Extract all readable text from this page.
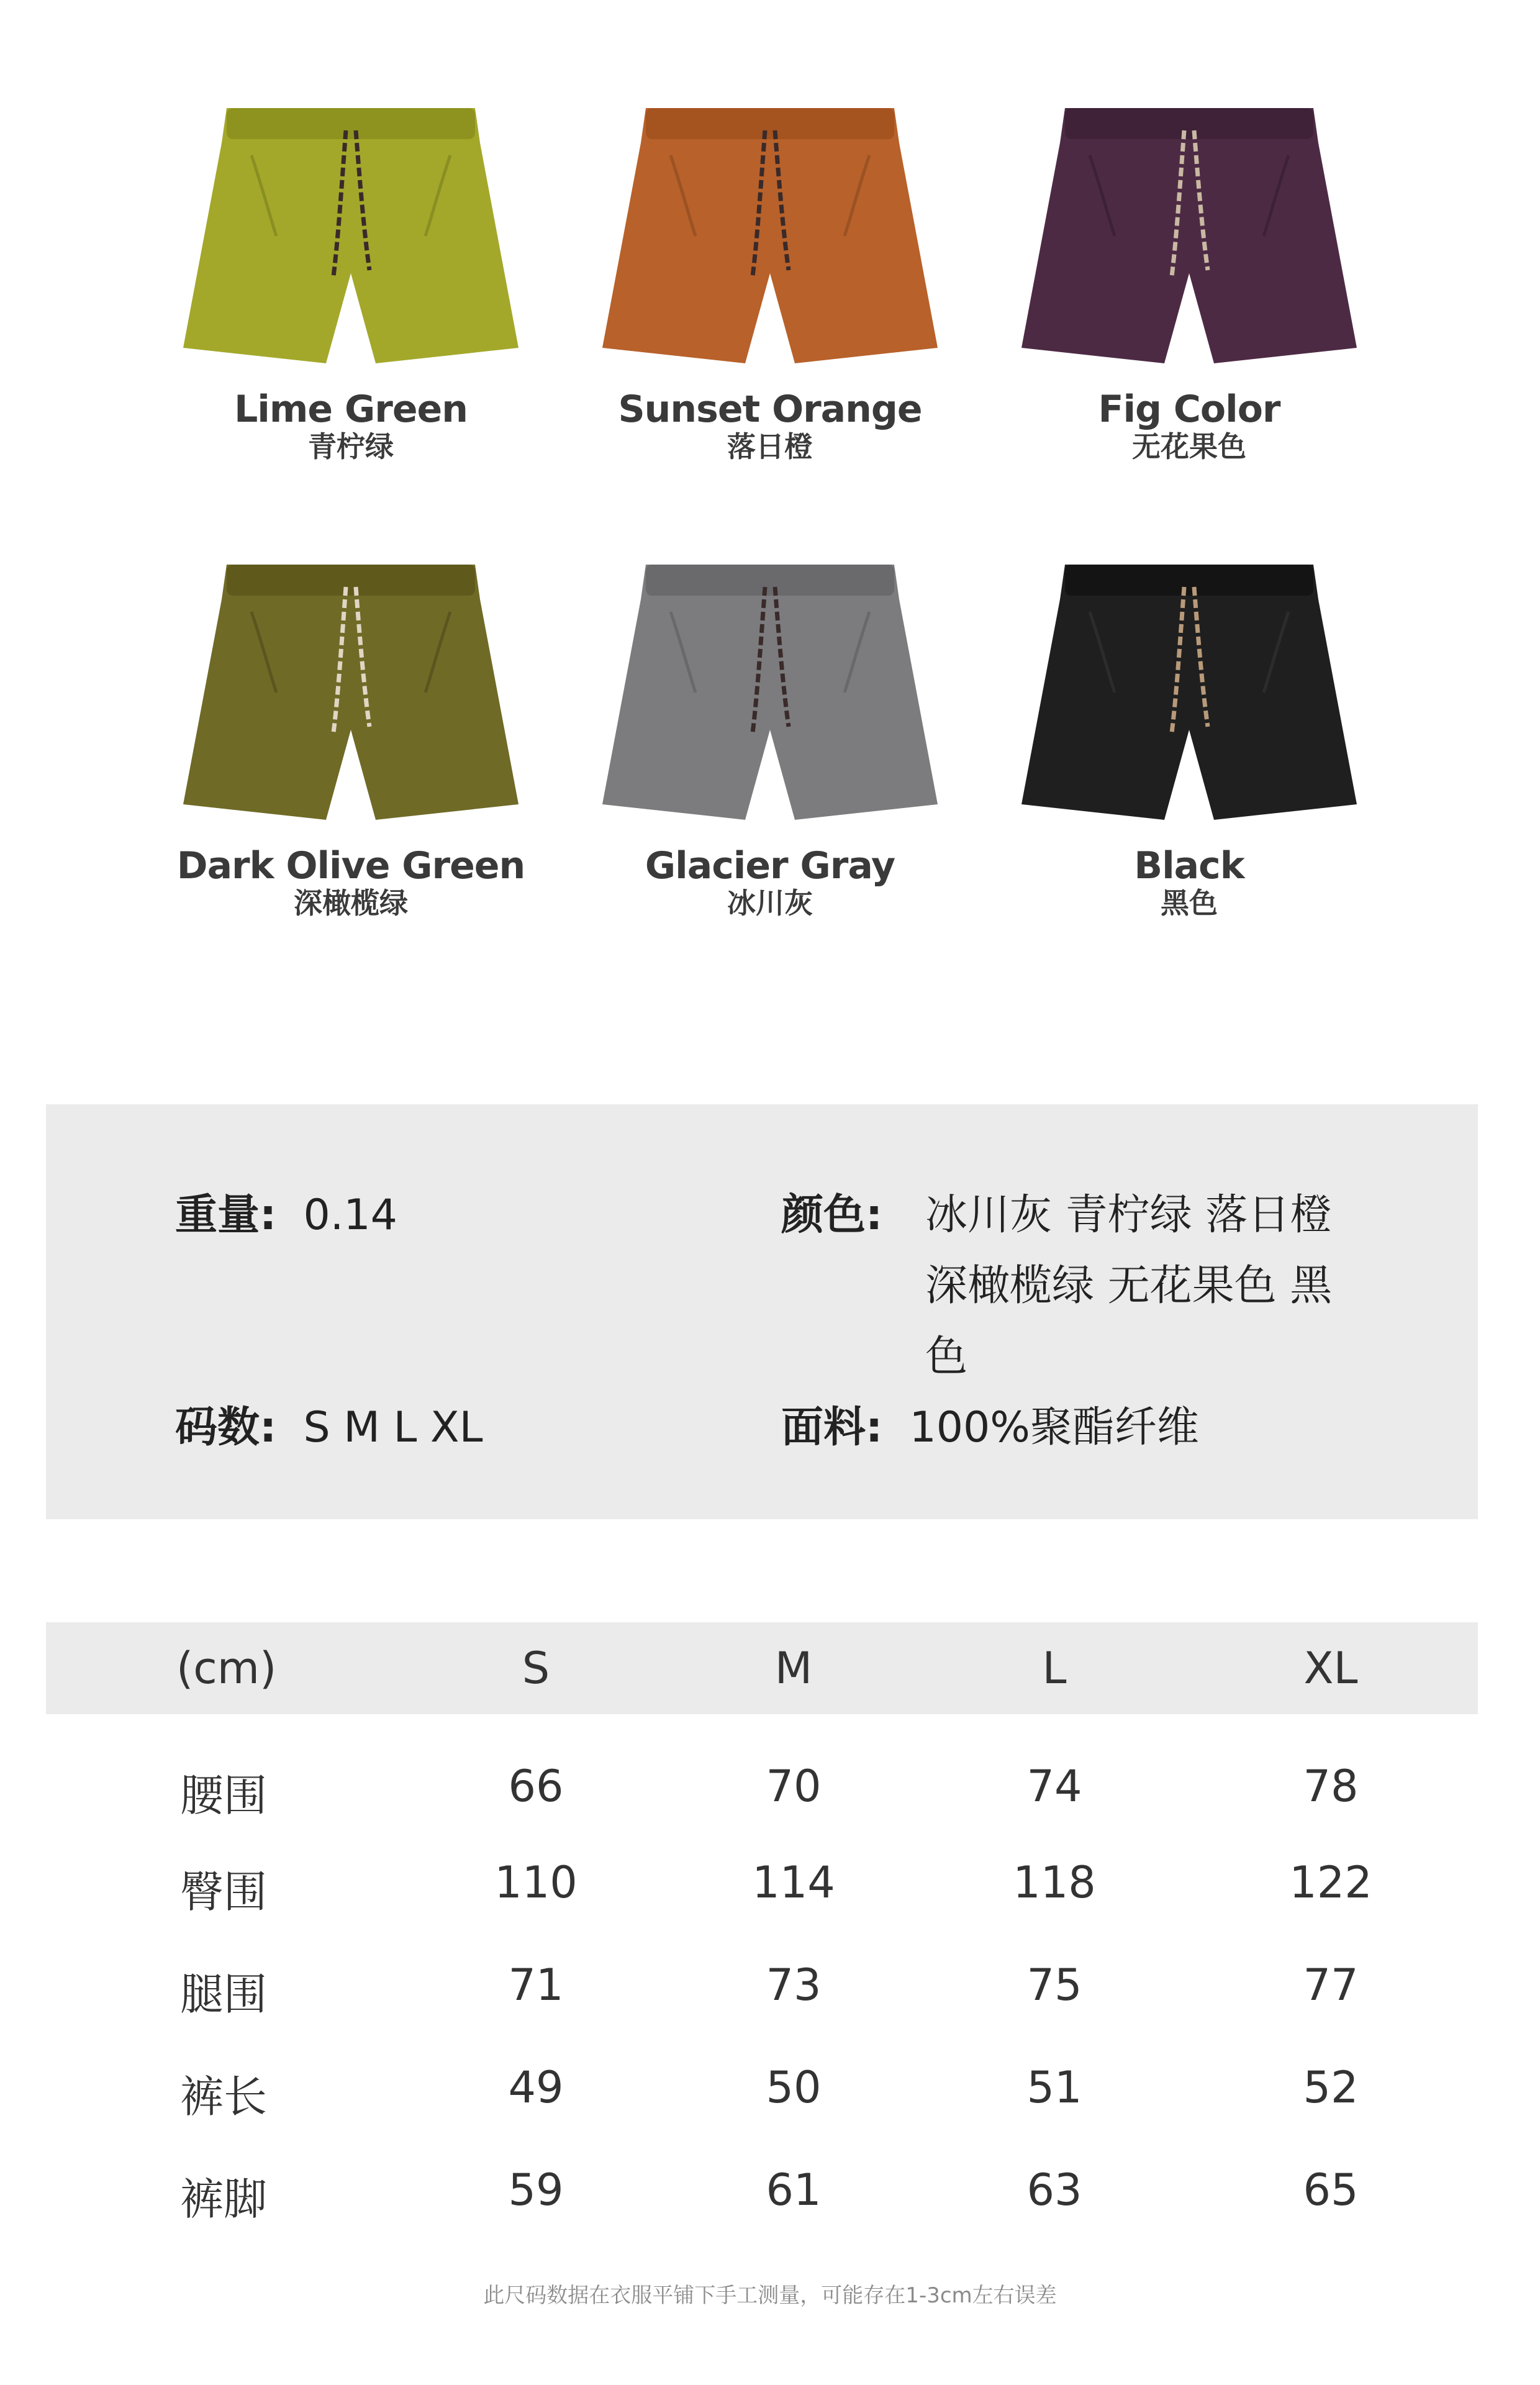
Lime Green
青柠绿
Sunset Orange
落日橙
Fig Color
无花果色
Dark Olive Green
深橄榄绿
Glacier Gray
冰川灰
Black
黑色
重量: 0.14
码数: S M L XL
颜色: 冰川灰 青柠绿 落日橙
深橄榄绿 无花果色 黑
色
面料: 100%聚酯纤维
(cm)	S	M	L	XL
腰围	66	70	74	78
臀围	110	114	118	122
腿围	71	73	75	77
裤长	49	50	51	52
裤脚	59	61	63	65
此尺码数据在衣服平铺下手工测量，可能存在1-3cm左右误差
